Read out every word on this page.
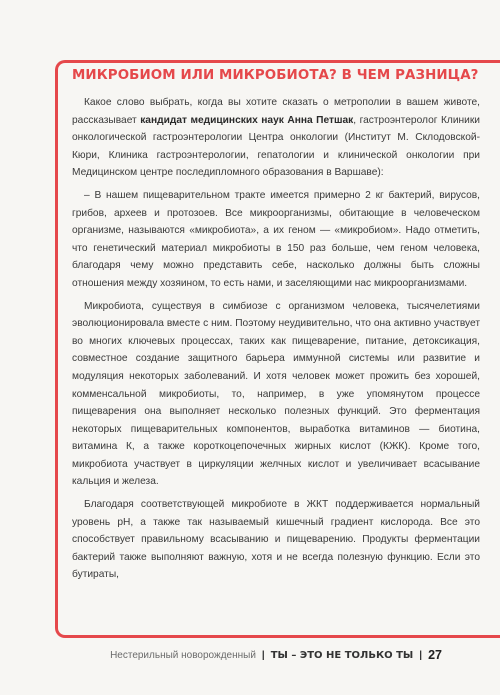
МИКРОБИОМ ИЛИ МИКРОБИОТА? В ЧЕМ РАЗНИЦА?

Какое слово выбрать, когда вы хотите сказать о метрополии в вашем животе, рассказывает кандидат медицинских наук Анна Петшак, гастроэнтеролог Клиники онкологической гастроэнтерологии Центра онкологии (Институт М. Склодовской-Кюри, Клиника гастроэнтерологии, гепатологии и клинической онкологии при Медицинском центре последипломного образования в Варшаве):

– В нашем пищеварительном тракте имеется примерно 2 кг бактерий, вирусов, грибов, археев и протозоев. Все микроорганизмы, обитающие в человеческом организме, называются «микробиота», а их геном — «микробиом». Надо отметить, что генетический материал микробиоты в 150 раз больше, чем геном человека, благодаря чему можно представить себе, насколько должны быть сложны отношения между хозяином, то есть нами, и заселяющими нас микроорганизмами.

Микробиота, существуя в симбиозе с организмом человека, тысячелетиями эволюционировала вместе с ним. Поэтому неудивительно, что она активно участвует во многих ключевых процессах, таких как пищеварение, питание, детоксикация, совместное создание защитного барьера иммунной системы или развитие и модуляция некоторых заболеваний. И хотя человек может прожить без хорошей, комменсальной микробиоты, то, например, в уже упомянутом процессе пищеварения она выполняет несколько полезных функций. Это ферментация некоторых пищеварительных компонентов, выработка витаминов — биотина, витамина К, а также короткоцепочечных жирных кислот (КЖК). Кроме того, микробиота участвует в циркуляции желчных кислот и увеличивает всасывание кальция и железа.

Благодаря соответствующей микробиоте в ЖКТ поддерживается нормальный уровень pH, а также так называемый кишечный градиент кислорода. Все это способствует правильному всасыванию и пищеварению. Продукты ферментации бактерий также выполняют важную, хотя и не всегда полезную функцию. Если это бутираты,

Нестерильный новорожденный | ТЫ – ЭТО НЕ ТОЛЬКО ТЫ | 27
